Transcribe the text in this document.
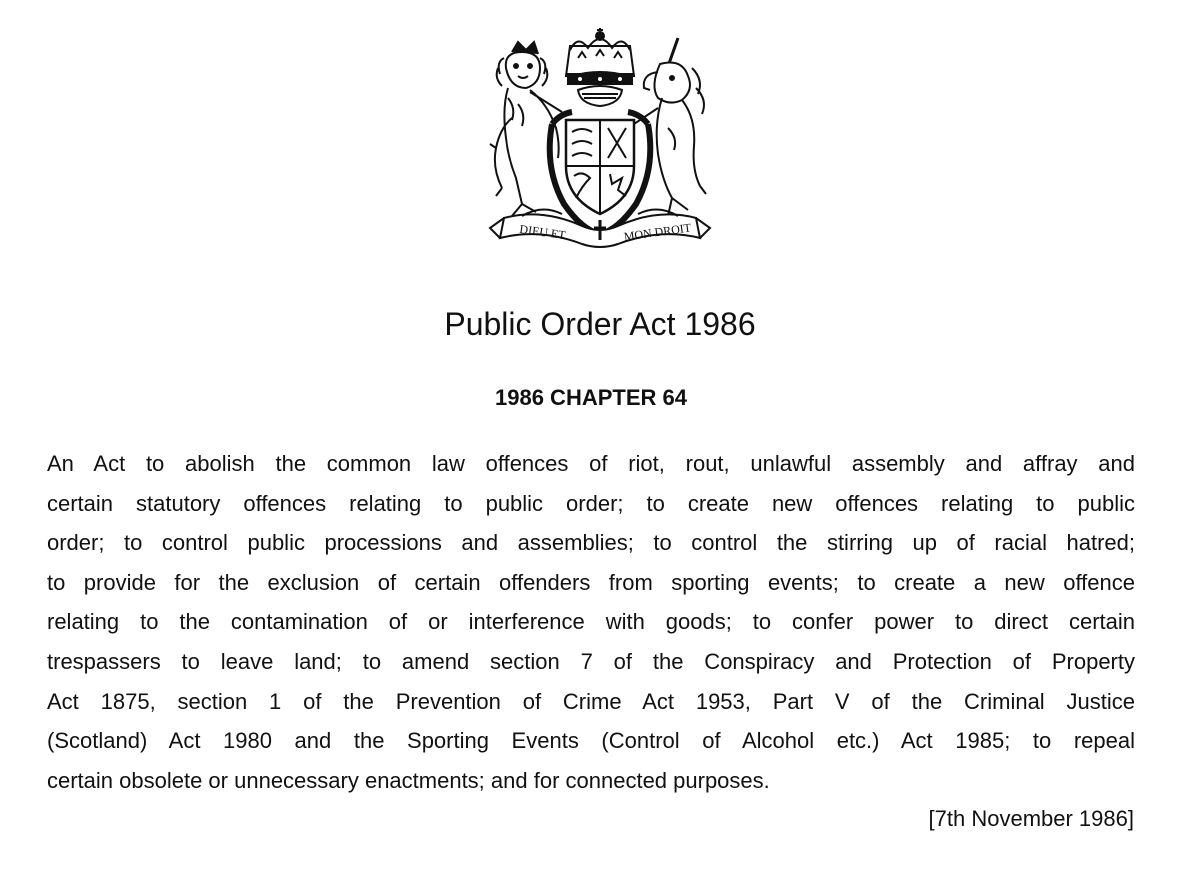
DIEU ET	MON DROIT
Public Order Act 1986
1986 CHAPTER 64

An Act to abolish the common law offences of riot, rout, unlawful assembly and affray and
certain statutory offences relating to public order; to create new offences relating to public
order; to control public processions and assemblies; to control the stirring up of racial hatred;
to provide for the exclusion of certain offenders from sporting events; to create a new offence
relating to the contamination of or interference with goods; to confer power to direct certain
trespassers to leave land; to amend section 7 of the Conspiracy and Protection of Property
Act 1875, section 1 of the Prevention of Crime Act 1953, Part V of the Criminal Justice
(Scotland) Act 1980 and the Sporting Events (Control of Alcohol etc.) Act 1985; to repeal
certain obsolete or unnecessary enactments; and for connected purposes.

[7th November 1986]
